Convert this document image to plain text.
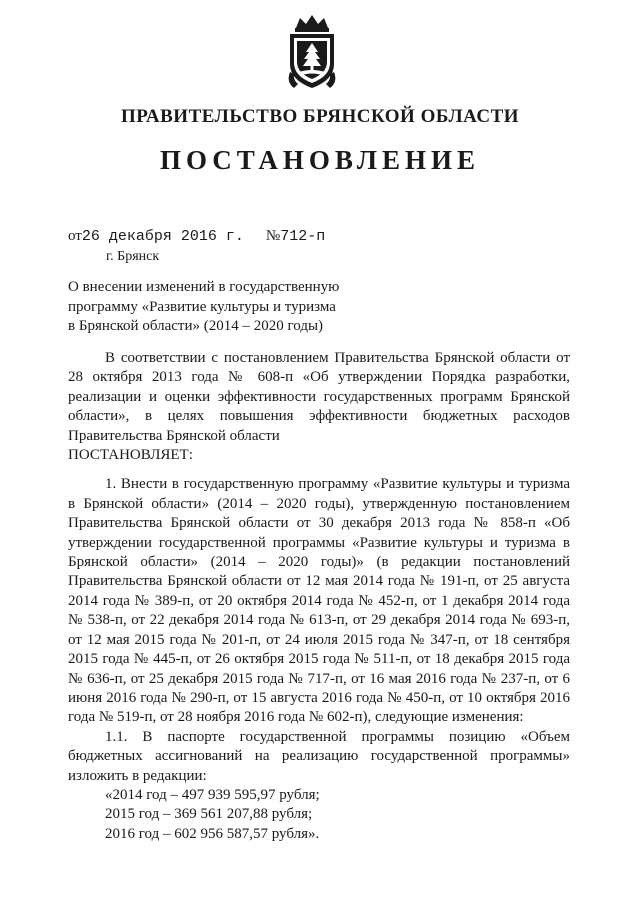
ПРАВИТЕЛЬСТВО БРЯНСКОЙ ОБЛАСТИ
ПОСТАНОВЛЕНИЕ
от26 декабря 2016 г. №712-п
г. Брянск
О внесении изменений в государственную
программу «Развитие культуры и туризма
в Брянской области» (2014 – 2020 годы)

В соответствии с постановлением Правительства Брянской области от 28 октября 2013 года № 608-п «Об утверждении Порядка разработки, реализации и оценки эффективности государственных программ Брянской области», в целях повышения эффективности бюджетных расходов Правительства Брянской области

ПОСТАНОВЛЯЕТ:

1. Внести в государственную программу «Развитие культуры и туризма в Брянской области» (2014 – 2020 годы), утвержденную постановлением Правительства Брянской области от 30 декабря 2013 года № 858-п «Об утверждении государственной программы «Развитие культуры и туризма в Брянской области» (2014 – 2020 годы)» (в редакции постановлений Правительства Брянской области от 12 мая 2014 года № 191-п, от 25 августа 2014 года № 389-п, от 20 октября 2014 года № 452-п, от 1 декабря 2014 года № 538-п, от 22 декабря 2014 года № 613-п, от 29 декабря 2014 года № 693-п, от 12 мая 2015 года № 201-п, от 24 июля 2015 года № 347-п, от 18 сентября 2015 года № 445-п, от 26 октября 2015 года № 511-п, от 18 декабря 2015 года № 636-п, от 25 декабря 2015 года № 717-п, от 16 мая 2016 года № 237-п, от 6 июня 2016 года № 290-п, от 15 августа 2016 года № 450-п, от 10 октября 2016 года № 519-п, от 28 ноября 2016 года № 602-п), следующие изменения:

1.1. В паспорте государственной программы позицию «Объем бюджетных ассигнований на реализацию государственной программы» изложить в редакции:

«2014 год – 497 939 595,97 рубля;

2015 год – 369 561 207,88 рубля;

2016 год – 602 956 587,57 рубля».
